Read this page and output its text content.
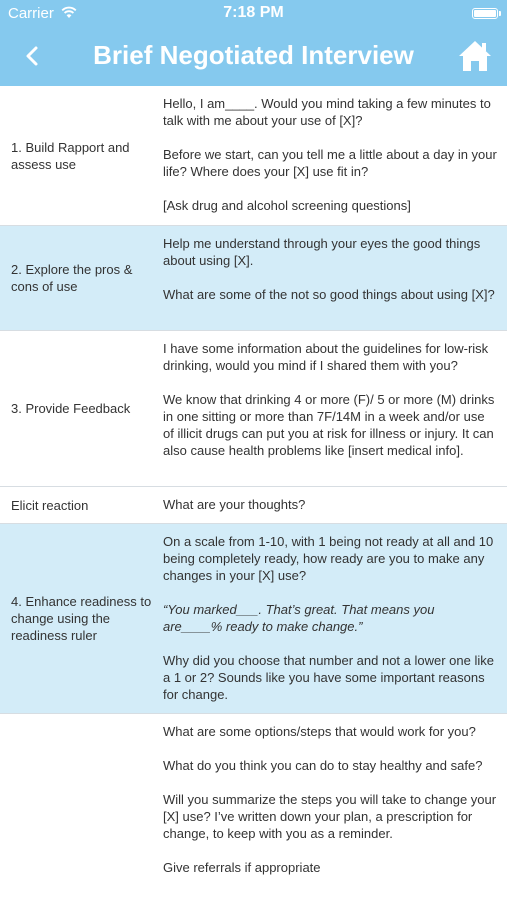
Carrier	7:18 PM
Brief Negotiated Interview
1. Build Rapport and assess use

Hello, I am____. Would you mind taking a few minutes to talk with me about your use of [X]?

Before we start, can you tell me a little about a day in your life? Where does your [X] use fit in?

[Ask drug and alcohol screening questions]

2. Explore the pros & cons of use

Help me understand through your eyes the good things about using [X].

What are some of the not so good things about using [X]?

3. Provide Feedback

I have some information about the guidelines for low-risk drinking, would you mind if I shared them with you?

We know that drinking 4 or more (F)/ 5 or more (M) drinks in one sitting or more than 7F/14M in a week and/or use of illicit drugs can put you at risk for illness or injury. It can also cause health problems like [insert medical info].

Elicit reaction	What are your thoughts?

4. Enhance readiness to change using the readiness ruler

On a scale from 1-10, with 1 being not ready at all and 10 being completely ready, how ready are you to make any changes in your [X] use?

“You marked___. That’s great. That means you are____% ready to make change.”

Why did you choose that number and not a lower one like a 1 or 2? Sounds like you have some important reasons for change.

What are some options/steps that would work for you?

What do you think you can do to stay healthy and safe?

Will you summarize the steps you will take to change your [X] use? I’ve written down your plan, a prescription for change, to keep with you as a reminder.

Give referrals if appropriate
